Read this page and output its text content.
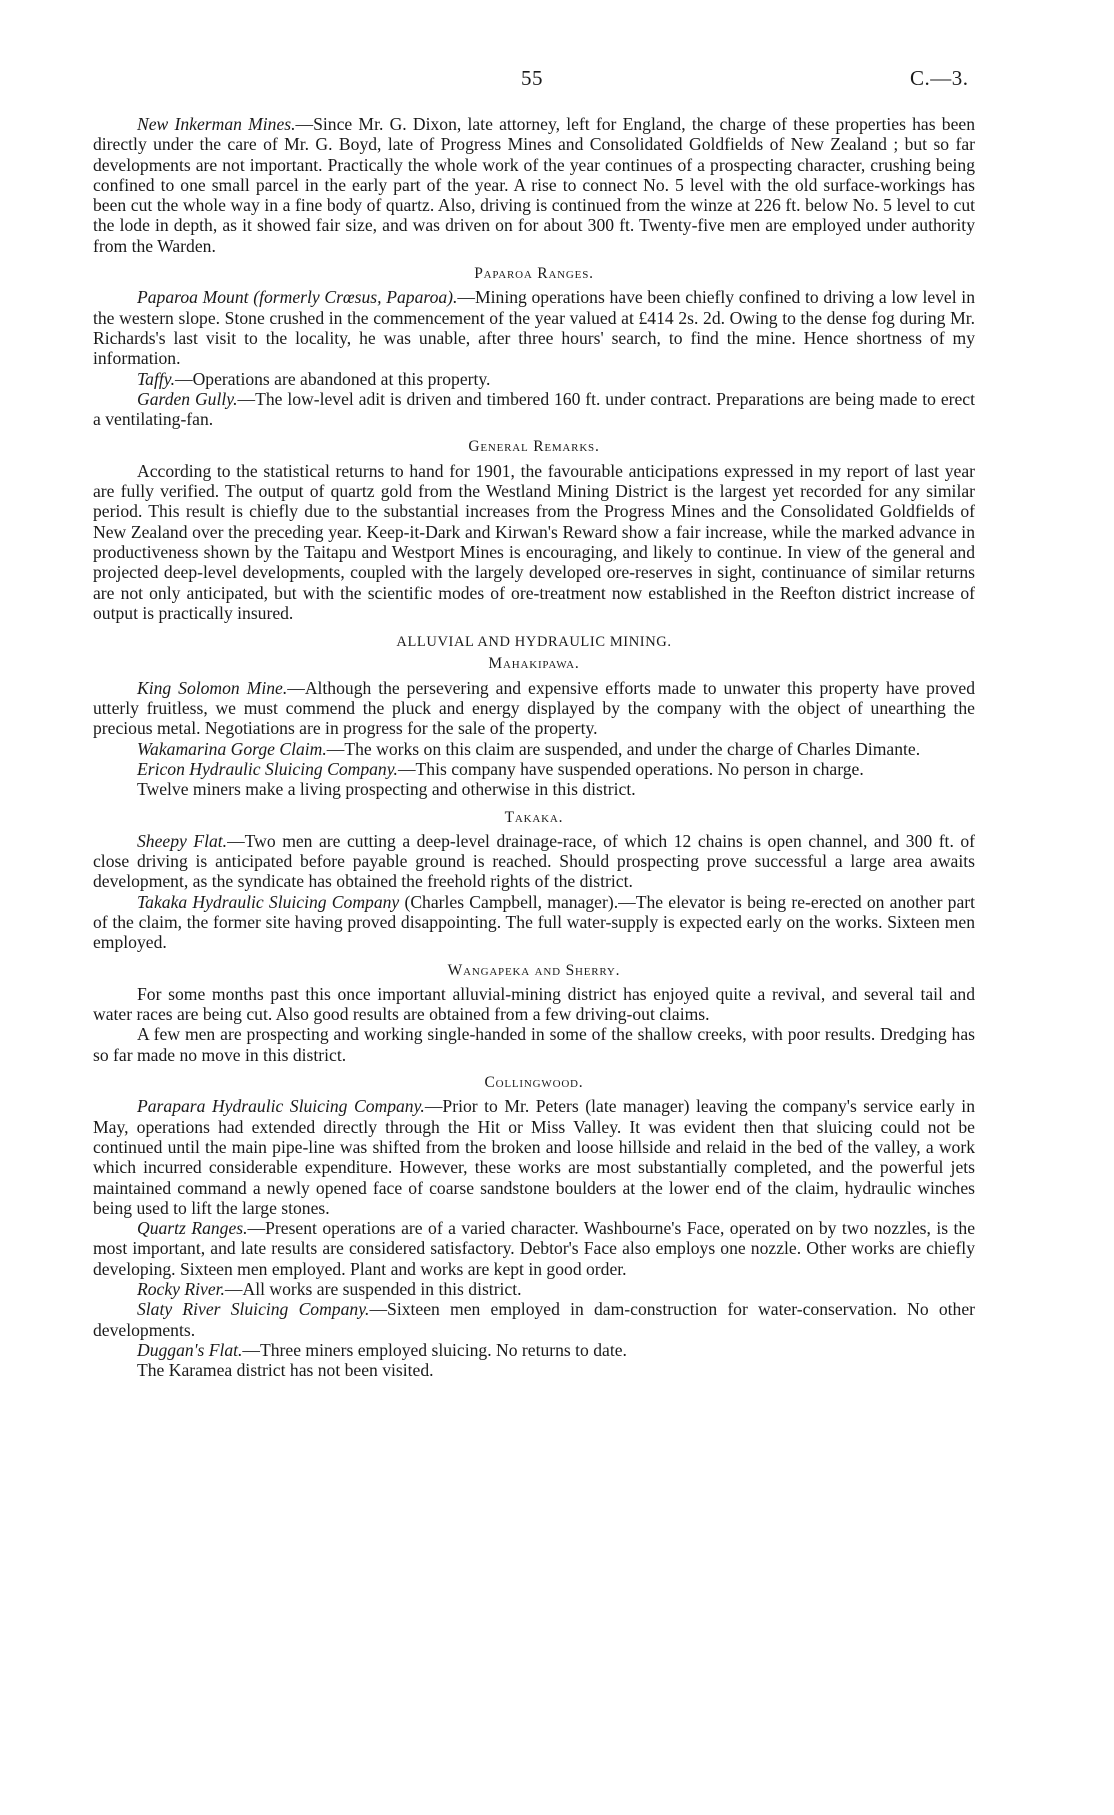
55	C.—3.

New Inkerman Mines.—Since Mr. G. Dixon, late attorney, left for England, the charge of these properties has been directly under the care of Mr. G. Boyd, late of Progress Mines and Consolidated Goldfields of New Zealand ; but so far developments are not important. Practically the whole work of the year continues of a prospecting character, crushing being confined to one small parcel in the early part of the year. A rise to connect No. 5 level with the old surface-workings has been cut the whole way in a fine body of quartz. Also, driving is continued from the winze at 226 ft. below No. 5 level to cut the lode in depth, as it showed fair size, and was driven on for about 300 ft. Twenty-five men are employed under authority from the Warden.

Paparoa Ranges.

Paparoa Mount (formerly Crœsus, Paparoa).—Mining operations have been chiefly confined to driving a low level in the western slope. Stone crushed in the commencement of the year valued at £414 2s. 2d. Owing to the dense fog during Mr. Richards's last visit to the locality, he was unable, after three hours' search, to find the mine. Hence shortness of my information.

Taffy.—Operations are abandoned at this property.

Garden Gully.—The low-level adit is driven and timbered 160 ft. under contract. Preparations are being made to erect a ventilating-fan.

General Remarks.

According to the statistical returns to hand for 1901, the favourable anticipations expressed in my report of last year are fully verified. The output of quartz gold from the Westland Mining District is the largest yet recorded for any similar period. This result is chiefly due to the substantial increases from the Progress Mines and the Consolidated Goldfields of New Zealand over the preceding year. Keep-it-Dark and Kirwan's Reward show a fair increase, while the marked advance in productiveness shown by the Taitapu and Westport Mines is encouraging, and likely to continue. In view of the general and projected deep-level developments, coupled with the largely developed ore-reserves in sight, continuance of similar returns are not only anticipated, but with the scientific modes of ore-treatment now established in the Reefton district increase of output is practically insured.

ALLUVIAL AND HYDRAULIC MINING.
Mahakipawa.

King Solomon Mine.—Although the persevering and expensive efforts made to unwater this property have proved utterly fruitless, we must commend the pluck and energy displayed by the company with the object of unearthing the precious metal. Negotiations are in progress for the sale of the property.

Wakamarina Gorge Claim.—The works on this claim are suspended, and under the charge of Charles Dimante.

Ericon Hydraulic Sluicing Company.—This company have suspended operations. No person in charge.

Twelve miners make a living prospecting and otherwise in this district.

Takaka.

Sheepy Flat.—Two men are cutting a deep-level drainage-race, of which 12 chains is open channel, and 300 ft. of close driving is anticipated before payable ground is reached. Should prospecting prove successful a large area awaits development, as the syndicate has obtained the freehold rights of the district.

Takaka Hydraulic Sluicing Company (Charles Campbell, manager).—The elevator is being re-erected on another part of the claim, the former site having proved disappointing. The full water-supply is expected early on the works. Sixteen men employed.

Wangapeka and Sherry.

For some months past this once important alluvial-mining district has enjoyed quite a revival, and several tail and water races are being cut. Also good results are obtained from a few driving-out claims.

A few men are prospecting and working single-handed in some of the shallow creeks, with poor results. Dredging has so far made no move in this district.

Collingwood.

Parapara Hydraulic Sluicing Company.—Prior to Mr. Peters (late manager) leaving the company's service early in May, operations had extended directly through the Hit or Miss Valley. It was evident then that sluicing could not be continued until the main pipe-line was shifted from the broken and loose hillside and relaid in the bed of the valley, a work which incurred considerable expenditure. However, these works are most substantially completed, and the powerful jets maintained command a newly opened face of coarse sandstone boulders at the lower end of the claim, hydraulic winches being used to lift the large stones.

Quartz Ranges.—Present operations are of a varied character. Washbourne's Face, operated on by two nozzles, is the most important, and late results are considered satisfactory. Debtor's Face also employs one nozzle. Other works are chiefly developing. Sixteen men employed. Plant and works are kept in good order.

Rocky River.—All works are suspended in this district.

Slaty River Sluicing Company.—Sixteen men employed in dam-construction for water-conservation. No other developments.

Duggan's Flat.—Three miners employed sluicing. No returns to date.

The Karamea district has not been visited.
